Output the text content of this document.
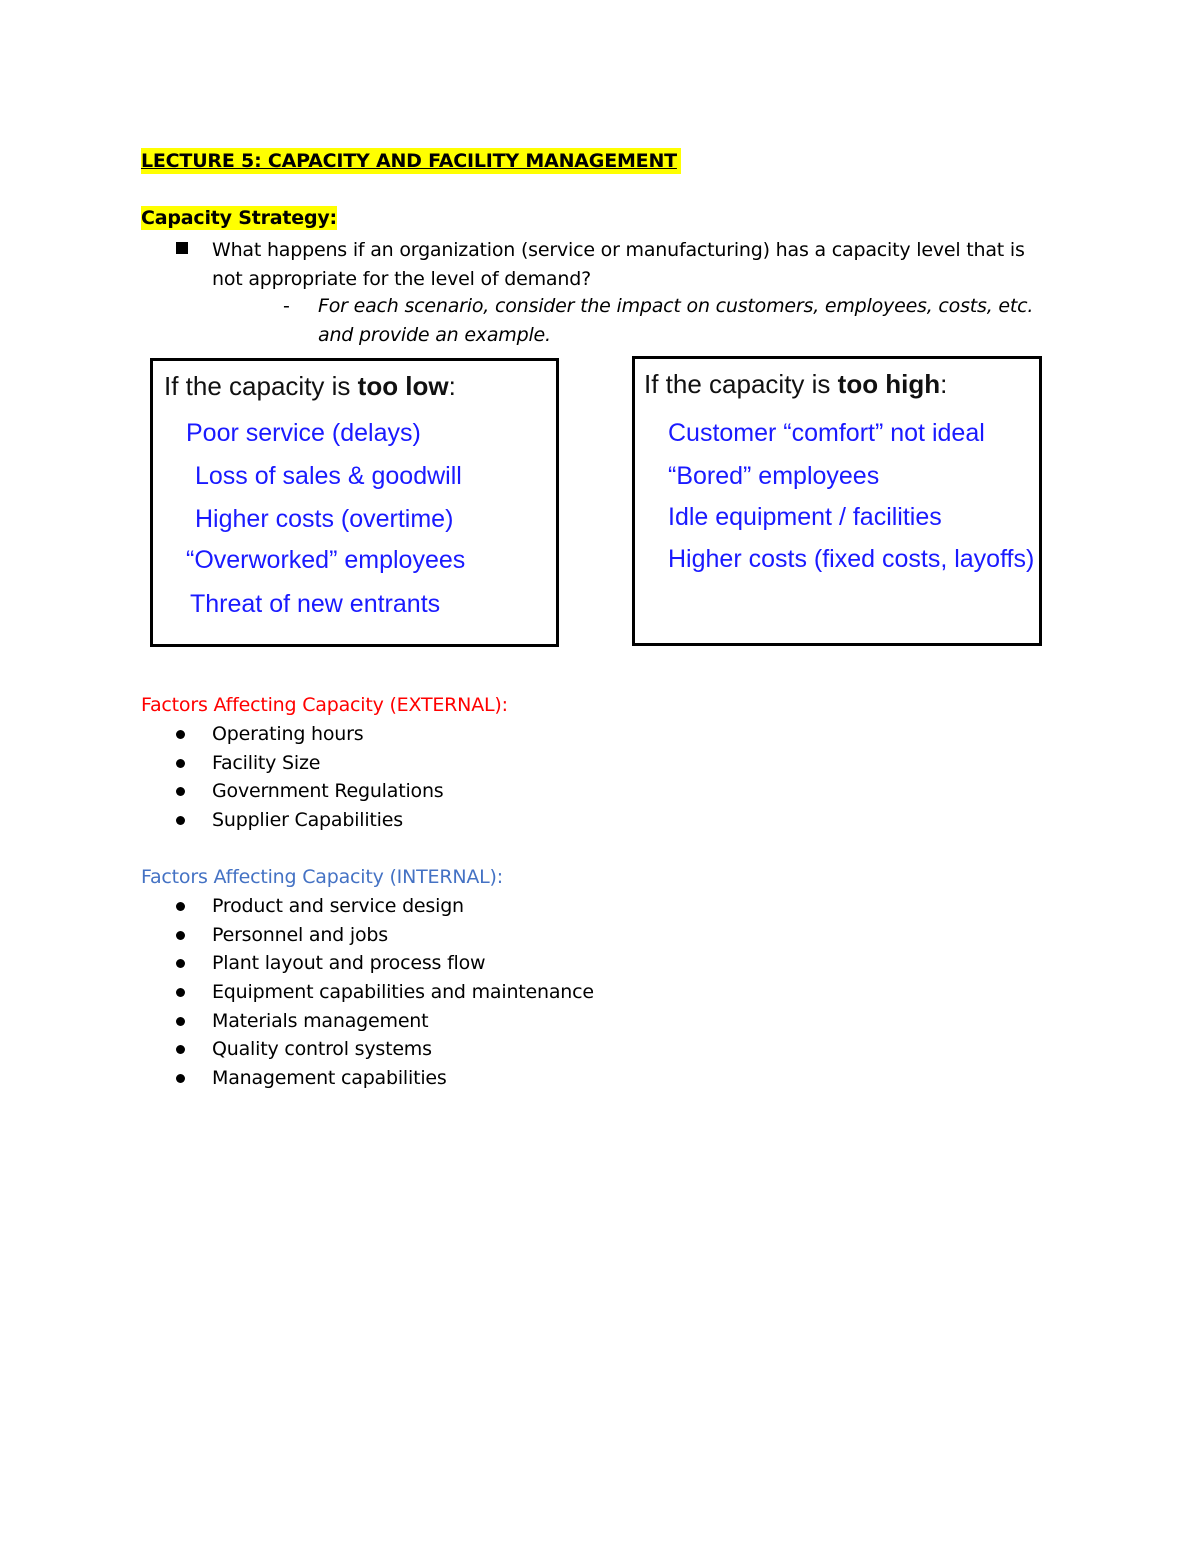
LECTURE 5: CAPACITY AND FACILITY MANAGEMENT
Capacity Strategy:
What happens if an organization (service or manufacturing) has a capacity level that is not appropriate for the level of demand?
- For each scenario, consider the impact on customers, employees, costs, etc. and provide an example.
If the capacity is too low:
Poor service (delays)
Loss of sales & goodwill
Higher costs (overtime)
“Overworked” employees
Threat of new entrants
If the capacity is too high:
Customer “comfort” not ideal
“Bored” employees
Idle equipment / facilities
Higher costs (fixed costs, layoffs)
Factors Affecting Capacity (EXTERNAL):
Operating hours
Facility Size
Government Regulations
Supplier Capabilities
Factors Affecting Capacity (INTERNAL):
Product and service design
Personnel and jobs
Plant layout and process flow
Equipment capabilities and maintenance
Materials management
Quality control systems
Management capabilities
